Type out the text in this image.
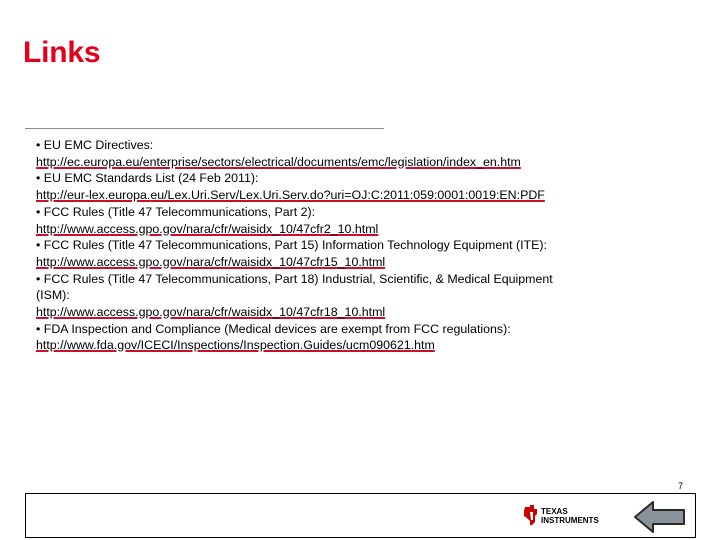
Links
• EU EMC Directives:
http://ec.europa.eu/enterprise/sectors/electrical/documents/emc/legislation/index_en.htm
• EU EMC Standards List (24 Feb 2011):
http://eur-lex.europa.eu/Lex.Uri.Serv/Lex.Uri.Serv.do?uri=OJ:C:2011:059:0001:0019:EN:PDF
• FCC Rules (Title 47 Telecommunications, Part 2):
http://www.access.gpo.gov/nara/cfr/waisidx_10/47cfr2_10.html
• FCC Rules (Title 47 Telecommunications, Part 15) Information Technology Equipment (ITE):
http://www.access.gpo.gov/nara/cfr/waisidx_10/47cfr15_10.html
• FCC Rules (Title 47 Telecommunications, Part 18) Industrial, Scientific, & Medical Equipment
(ISM):
http://www.access.gpo.gov/nara/cfr/waisidx_10/47cfr18_10.html
• FDA Inspection and Compliance (Medical devices are exempt from FCC regulations):
http://www.fda.gov/ICECI/Inspections/Inspection.Guides/ucm090621.htm
7
TEXAS
INSTRUMENTS
